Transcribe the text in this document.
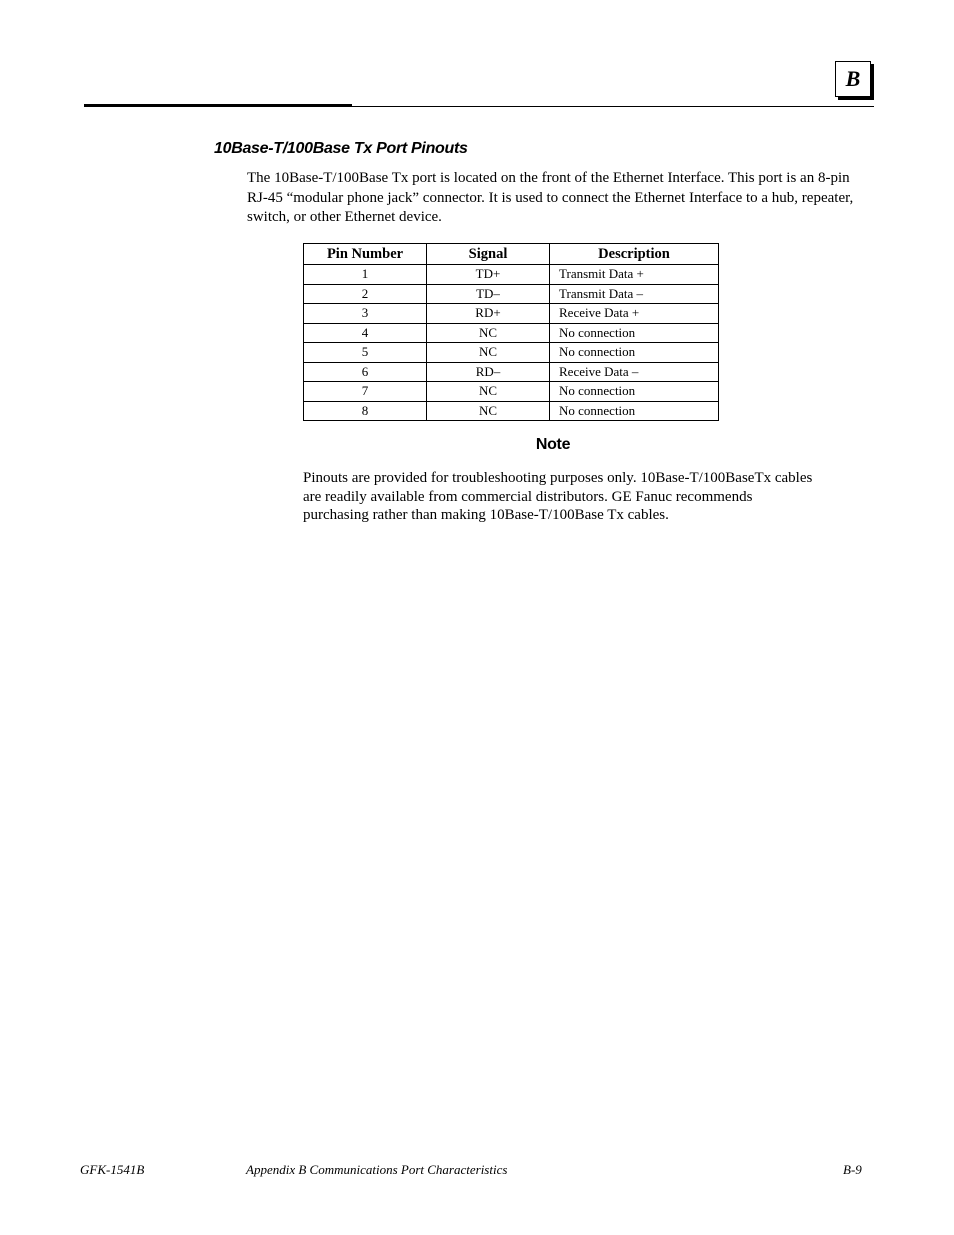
B
10Base-T/100Base Tx Port Pinouts

The 10Base-T/100Base Tx port is located on the front of the Ethernet Interface. This port is an 8-pin RJ-45 “modular phone jack” connector. It is used to connect the Ethernet Interface to a hub, repeater, switch, or other Ethernet device.

Pin Number	Signal	Description
1	TD+	Transmit Data +
2	TD–	Transmit Data –
3	RD+	Receive Data +
4	NC	No connection
5	NC	No connection
6	RD–	Receive Data –
7	NC	No connection
8	NC	No connection
Note

Pinouts are provided for troubleshooting purposes only. 10Base-T/100BaseTx cables are readily available from commercial distributors. GE Fanuc recommends purchasing rather than making 10Base-T/100Base Tx cables.

GFK-1541B	Appendix B Communications Port Characteristics	B-9
